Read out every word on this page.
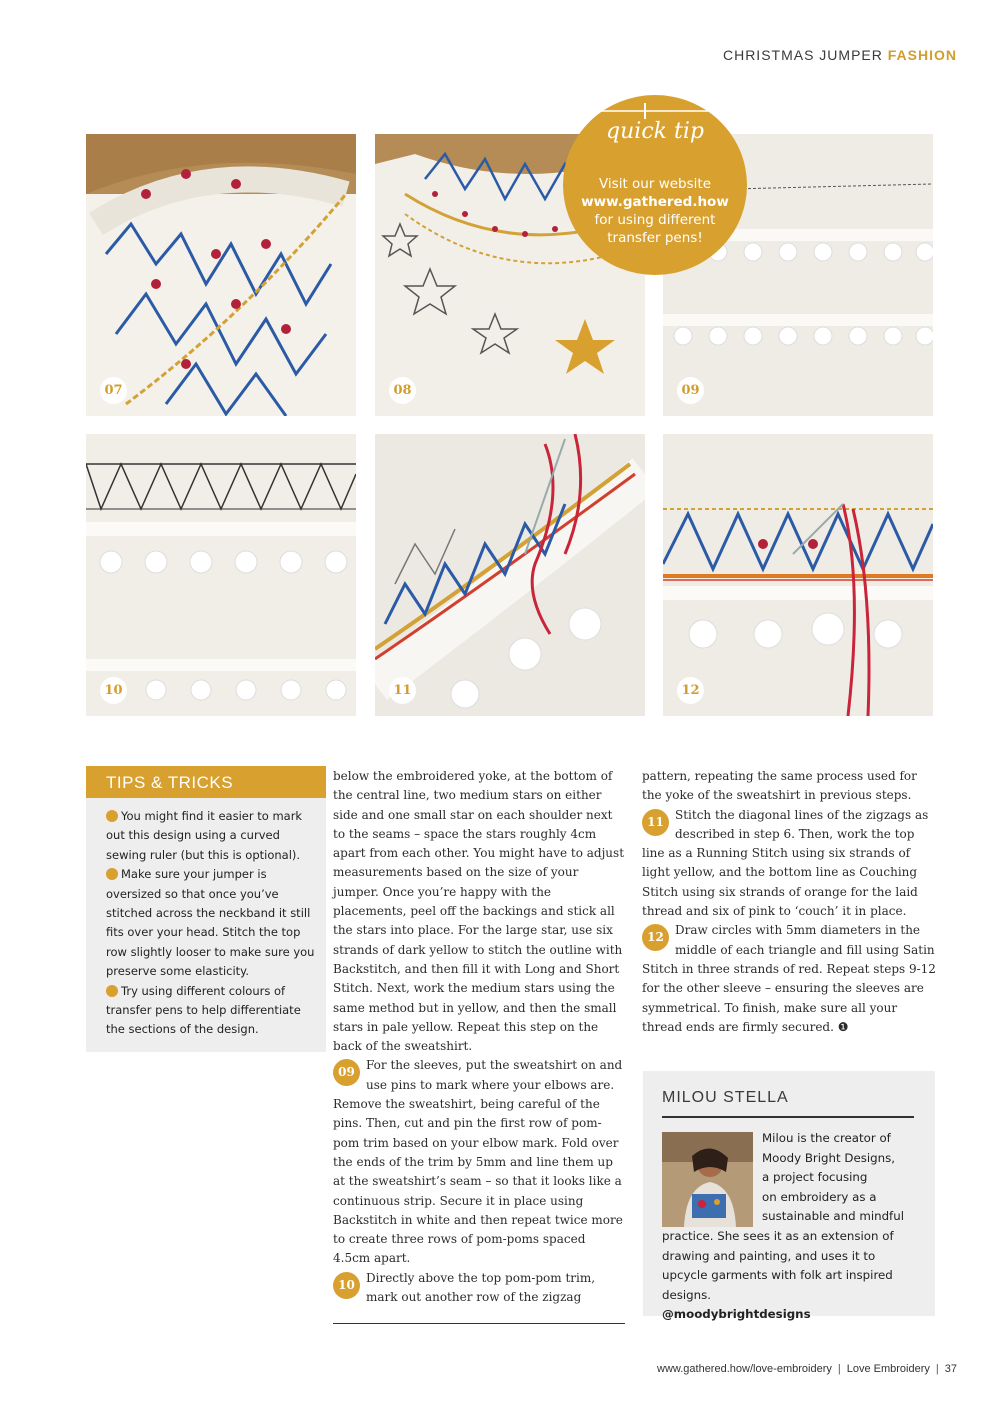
CHRISTMAS JUMPER FASHION
07	08	09
10	11	12
quick tip
Visit our website
www.gathered.how
for using different
transfer pens!
TIPS & TRICKS
You might find it easier to mark out this design using a curved sewing ruler (but this is optional).
Make sure your jumper is oversized so that once you’ve stitched across the neckband it still fits over your head. Stitch the top row slightly looser to make sure you preserve some elasticity.
Try using different colours of transfer pens to help differentiate the sections of the design.

below the embroidered yoke, at the bottom of the central line, two medium stars on either side and one small star on each shoulder next to the seams – space the stars roughly 4cm apart from each other. You might have to adjust measurements based on the size of your jumper. Once you’re happy with the placements, peel off the backings and stick all the stars into place. For the large star, use six strands of dark yellow to stitch the outline with Backstitch, and then fill it with Long and Short Stitch. Next, work the medium stars using the same method but in yellow, and then the small stars in pale yellow. Repeat this step on the back of the sweatshirt.

09 For the sleeves, put the sweatshirt on and use pins to mark where your elbows are. Remove the sweatshirt, being careful of the pins. Then, cut and pin the first row of pom-pom trim based on your elbow mark. Fold over the ends of the trim by 5mm and line them up at the sweatshirt’s seam – so that it looks like a continuous strip. Secure it in place using Backstitch in white and then repeat twice more to create three rows of pom-poms spaced 4.5cm apart.

10 Directly above the top pom-pom trim, mark out another row of the zigzag

pattern, repeating the same process used for the yoke of the sweatshirt in previous steps.

11 Stitch the diagonal lines of the zigzags as described in step 6. Then, work the top line as a Running Stitch using six strands of light yellow, and the bottom line as Couching Stitch using six strands of orange for the laid thread and six of pink to ‘couch’ it in place.

12 Draw circles with 5mm diameters in the middle of each triangle and fill using Satin Stitch in three strands of red. Repeat steps 9-12 for the other sleeve – ensuring the sleeves are symmetrical. To finish, make sure all your thread ends are firmly secured. ❶

MILOU STELLA
Milou is the creator of
Moody Bright Designs,
a project focusing
on embroidery as a
sustainable and mindful
practice. She sees it as an extension of drawing and painting, and uses it to upcycle garments with folk art inspired designs.
@moodybrightdesigns
www.gathered.how/love-embroidery | Love Embroidery | 37
